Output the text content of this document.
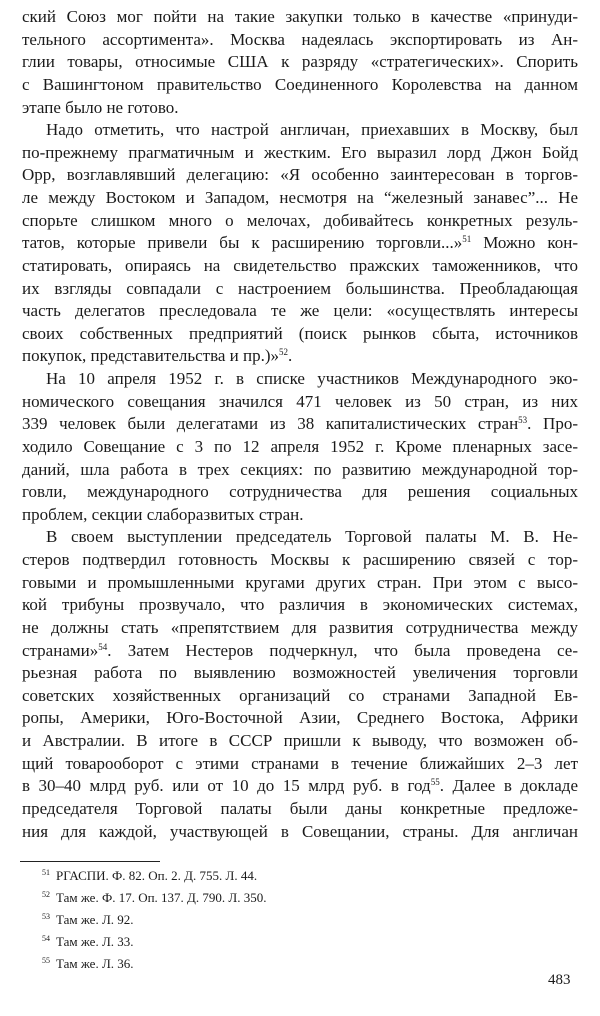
ский Союз мог пойти на такие закупки только в качестве «принуди-
тельного ассортимента». Москва надеялась экспортировать из Ан-
глии товары, относимые США к разряду «стратегических». Спорить
с Вашингтоном правительство Соединенного Королевства на данном
этапе было не готово.
Надо отметить, что настрой англичан, приехавших в Москву, был
по-прежнему прагматичным и жестким. Его выразил лорд Джон Бойд
Орр, возглавлявший делегацию: «Я особенно заинтересован в торгов-
ле между Востоком и Западом, несмотря на “железный занавес”... Не
спорьте слишком много о мелочах, добивайтесь конкретных резуль-
татов, которые привели бы к расширению торговли...»$^{51}$ Можно кон-
статировать, опираясь на свидетельство пражских таможенников, что
их взгляды совпадали с настроением большинства. Преобладающая
часть делегатов преследовала те же цели: «осуществлять интересы
своих собственных предприятий (поиск рынков сбыта, источников
покупок, представительства и пр.)»$^{52}$.
На 10 апреля 1952 г. в списке участников Международного эко-
номического совещания значился 471 человек из 50 стран, из них
339 человек были делегатами из 38 капиталистических стран$^{53}$. Про-
ходило Совещание с 3 по 12 апреля 1952 г. Кроме пленарных засе-
даний, шла работа в трех секциях: по развитию международной тор-
говли, международного сотрудничества для решения социальных
проблем, секции слаборазвитых стран.
В своем выступлении председатель Торговой палаты М. В. Не-
стеров подтвердил готовность Москвы к расширению связей с тор-
говыми и промышленными кругами других стран. При этом с высо-
кой трибуны прозвучало, что различия в экономических системах,
не должны стать «препятствием для развития сотрудничества между
странами»$^{54}$. Затем Нестеров подчеркнул, что была проведена се-
рьезная работа по выявлению возможностей увеличения торговли
советских хозяйственных организаций со странами Западной Ев-
ропы, Америки, Юго-Восточной Азии, Среднего Востока, Африки
и Австралии. В итоге в СССР пришли к выводу, что возможен об-
щий товарооборот с этими странами в течение ближайших 2–3 лет
в 30–40 млрд руб. или от 10 до 15 млрд руб. в год$^{55}$. Далее в докладе
председателя Торговой палаты были даны конкретные предложе-
ния для каждой, участвующей в Совещании, страны. Для англичан
$^{51}$ РГАСПИ. Ф. 82. Оп. 2. Д. 755. Л. 44.
$^{52}$ Там же. Ф. 17. Оп. 137. Д. 790. Л. 350.
$^{53}$ Там же. Л. 92.
$^{54}$ Там же. Л. 33.
$^{55}$ Там же. Л. 36.
483
